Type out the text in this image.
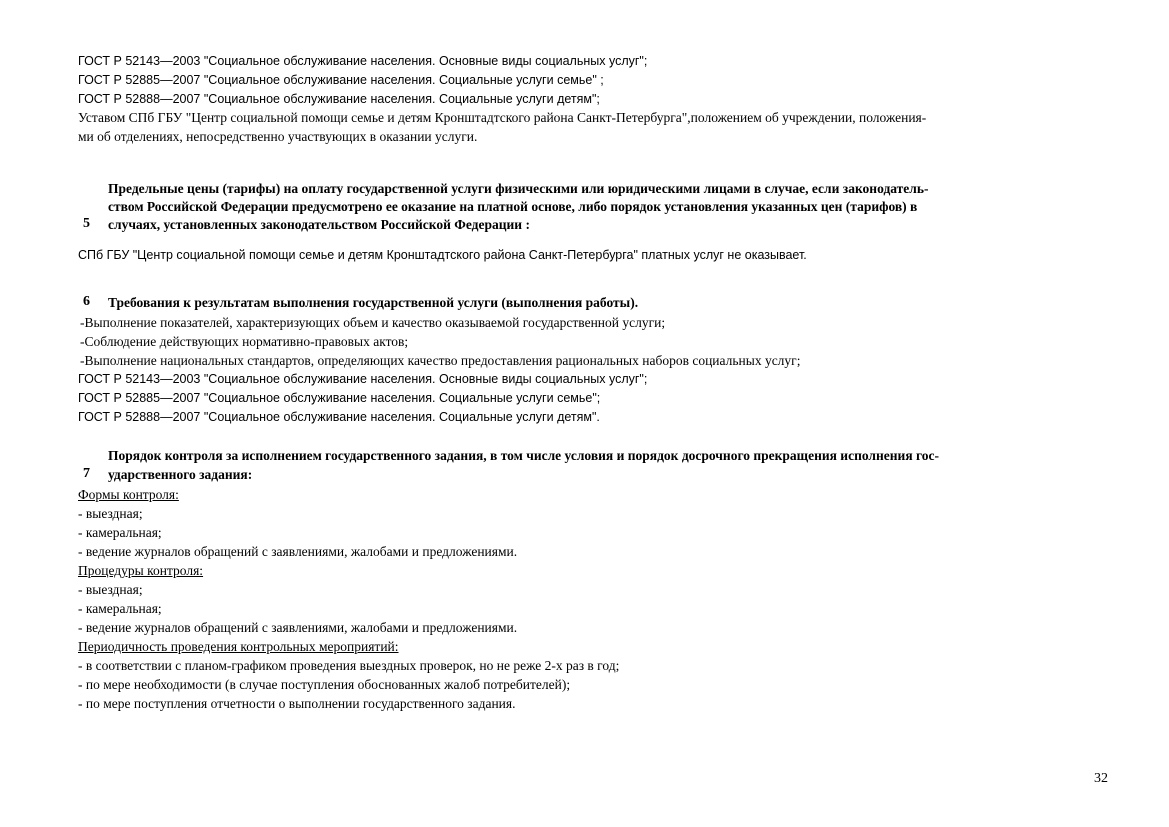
ГОСТ Р 52143—2003 "Социальное обслуживание населения. Основные виды социальных услуг";
ГОСТ Р 52885—2007 "Социальное обслуживание населения. Социальные услуги семье" ;
ГОСТ Р 52888—2007 "Социальное обслуживание населения. Социальные услуги детям";
Уставом СПб ГБУ "Центр социальной помощи семье и детям Кронштадтского района Санкт-Петербурга",положением об учреждении, положения-
ми об отделениях, непосредственно участвующих в оказании услуги.
Предельные цены (тарифы) на оплату государственной услуги физическими или юридическими лицами в случае, если законодатель-
ством Российской Федерации предусмотрено ее оказание на платной основе, либо порядок установления указанных цен (тарифов) в
5 случаях, установленных законодательством Российской Федерации :
СПб ГБУ "Центр социальной помощи семье и детям Кронштадтского района Санкт-Петербурга" платных услуг не оказывает.
6 Требования к результатам выполнения государственной услуги (выполнения работы).
-Выполнение показателей, характеризующих объем и качество оказываемой государственной услуги;
-Соблюдение действующих нормативно-правовых актов;
-Выполнение национальных стандартов, определяющих качество предоставления рациональных наборов социальных услуг;
ГОСТ Р 52143—2003 "Социальное обслуживание населения. Основные виды социальных услуг";
ГОСТ Р 52885—2007 "Социальное обслуживание населения. Социальные услуги семье";
ГОСТ Р 52888—2007 "Социальное обслуживание населения. Социальные услуги детям".
Порядок контроля за исполнением государственного задания, в том числе условия и порядок досрочного прекращения исполнения гос-
7 ударственного задания:
Формы контроля:
- выездная;
- камеральная;
- ведение журналов обращений с заявлениями, жалобами и предложениями.
Процедуры контроля:
- выездная;
- камеральная;
- ведение журналов обращений с заявлениями, жалобами и предложениями.
Периодичность проведения контрольных мероприятий:
- в соответствии с планом-графиком проведения выездных проверок, но не реже 2-х раз в год;
- по мере необходимости (в случае поступления обоснованных жалоб потребителей);
- по мере поступления отчетности о выполнении государственного задания.
32
